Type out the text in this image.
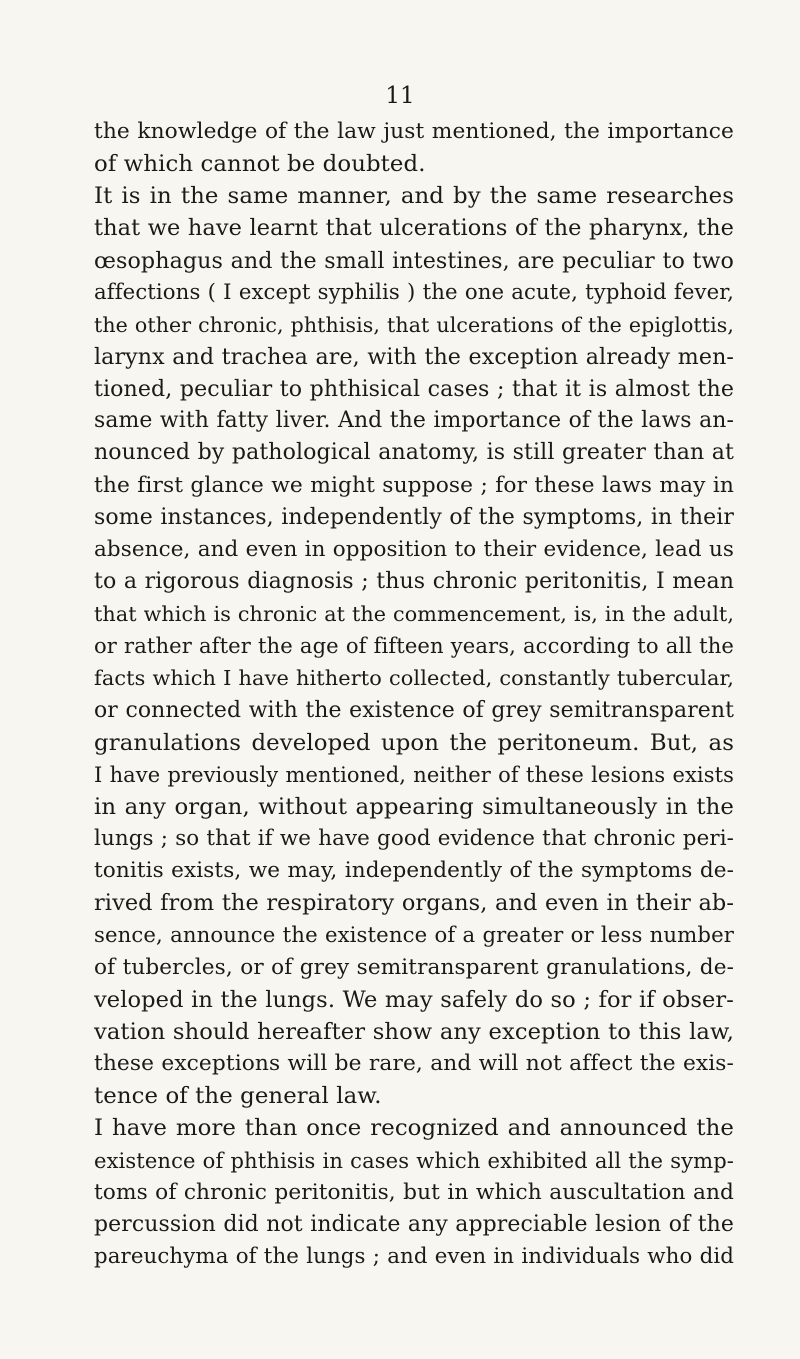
11
the knowledge of the law just mentioned, the importance
of which cannot be doubted.
It is in the same manner, and by the same researches
that we have learnt that ulcerations of the pharynx, the
œsophagus and the small intestines, are peculiar to two
affections ( I except syphilis ) the one acute, typhoid fever,
the other chronic, phthisis, that ulcerations of the epiglottis,
larynx and trachea are, with the exception already men-
tioned, peculiar to phthisical cases ; that it is almost the
same with fatty liver. And the importance of the laws an-
nounced by pathological anatomy, is still greater than at
the first glance we might suppose ; for these laws may in
some instances, independently of the symptoms, in their
absence, and even in opposition to their evidence, lead us
to a rigorous diagnosis ; thus chronic peritonitis, I mean
that which is chronic at the commencement, is, in the adult,
or rather after the age of fifteen years, according to all the
facts which I have hitherto collected, constantly tubercular,
or connected with the existence of grey semitransparent
granulations developed upon the peritoneum. But, as
I have previously mentioned, neither of these lesions exists
in any organ, without appearing simultaneously in the
lungs ; so that if we have good evidence that chronic peri-
tonitis exists, we may, independently of the symptoms de-
rived from the respiratory organs, and even in their ab-
sence, announce the existence of a greater or less number
of tubercles, or of grey semitransparent granulations, de-
veloped in the lungs. We may safely do so ; for if obser-
vation should hereafter show any exception to this law,
these exceptions will be rare, and will not affect the exis-
tence of the general law.
I have more than once recognized and announced the
existence of phthisis in cases which exhibited all the symp-
toms of chronic peritonitis, but in which auscultation and
percussion did not indicate any appreciable lesion of the
pareuchyma of the lungs ; and even in individuals who did
